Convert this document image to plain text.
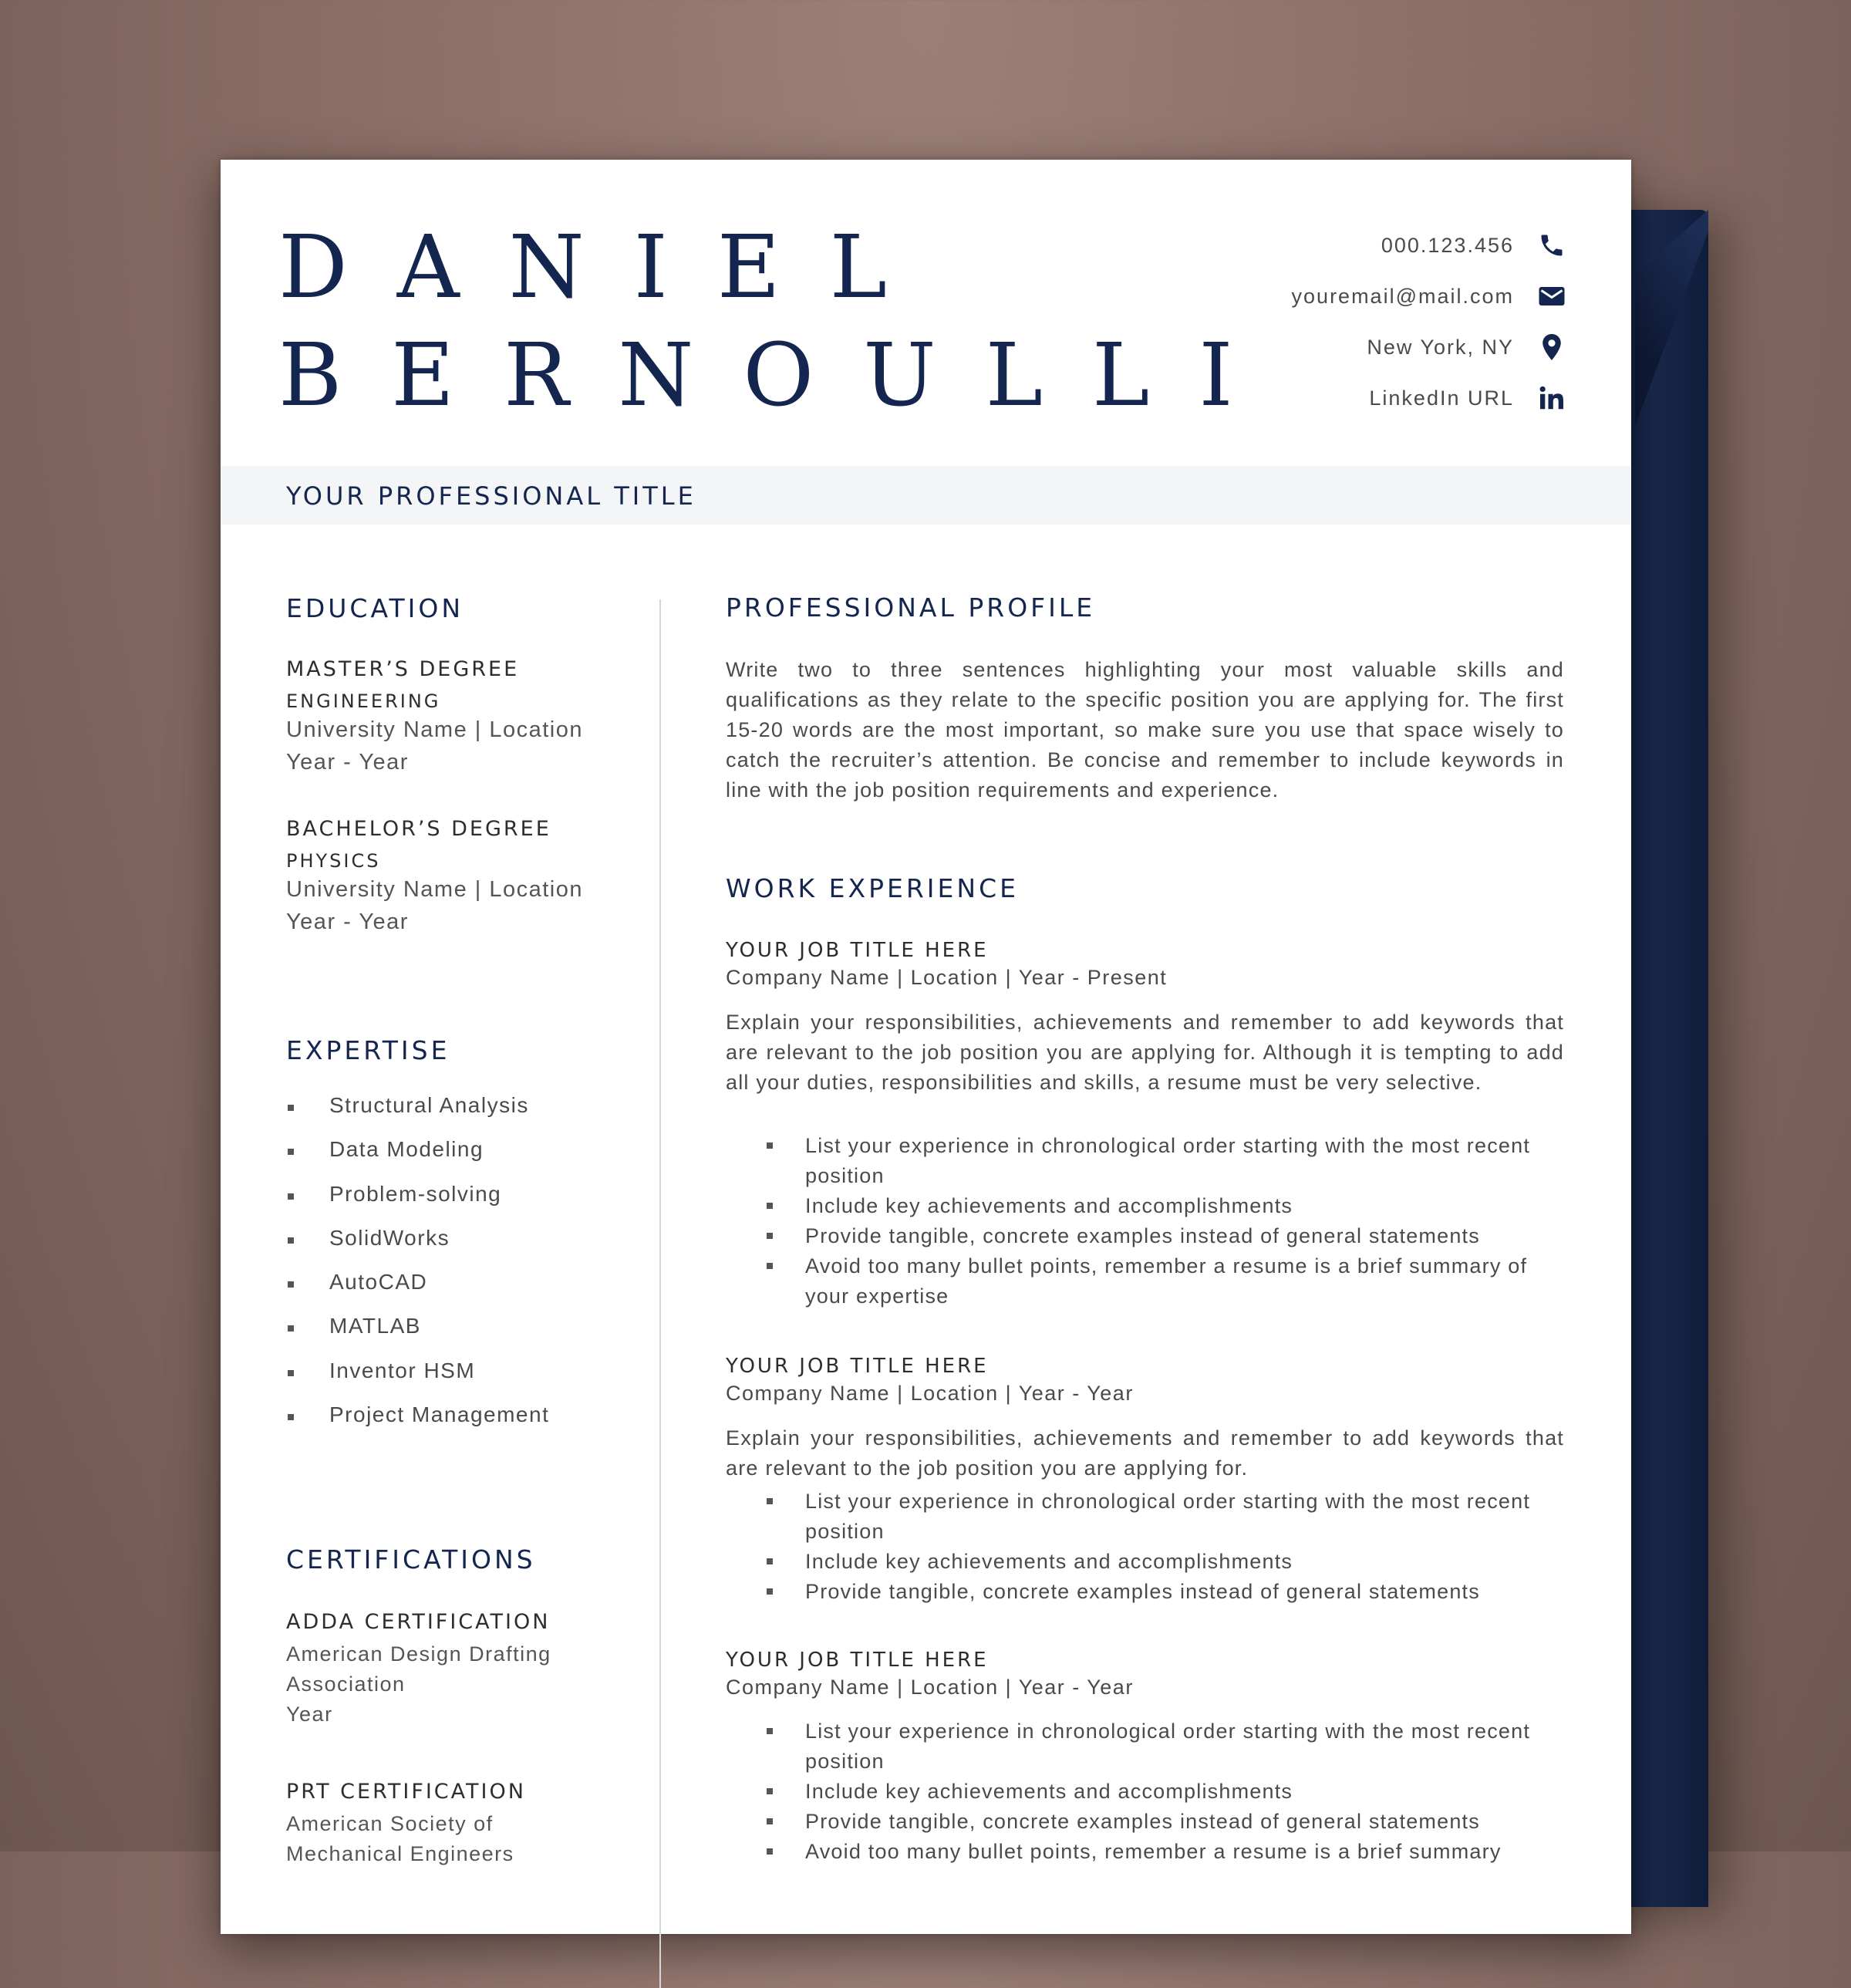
DANIEL
BERNOULLI
000.123.456
youremail@mail.com
New York, NY
LinkedIn URL
YOUR PROFESSIONAL TITLE
EDUCATION
MASTER’S DEGREE
ENGINEERING
University Name | Location
Year - Year
BACHELOR’S DEGREE
PHYSICS
University Name | Location
Year - Year
EXPERTISE
Structural Analysis
Data Modeling
Problem-solving
SolidWorks
AutoCAD
MATLAB
Inventor HSM
Project Management
CERTIFICATIONS
ADDA CERTIFICATION
American Design Drafting
Association
Year
PRT CERTIFICATION
American Society of
Mechanical Engineers
PROFESSIONAL PROFILE

Write two to three sentences highlighting your most valuable skills and qualifications as they relate to the specific position you are applying for. The first 15-20 words are the most important, so make sure you use that space wisely to catch the recruiter’s attention. Be concise and remember to include keywords in line with the job position requirements and experience.

WORK EXPERIENCE
YOUR JOB TITLE HERE
Company Name | Location | Year - Present

Explain your responsibilities, achievements and remember to add keywords that are relevant to the job position you are applying for. Although it is tempting to add all your duties, responsibilities and skills, a resume must be very selective.

List your experience in chronological order starting with the most recent position
Include key achievements and accomplishments
Provide tangible, concrete examples instead of general statements
Avoid too many bullet points, remember a resume is a brief summary of your expertise
YOUR JOB TITLE HERE
Company Name | Location | Year - Year

Explain your responsibilities, achievements and remember to add keywords that are relevant to the job position you are applying for.

List your experience in chronological order starting with the most recent position
Include key achievements and accomplishments
Provide tangible, concrete examples instead of general statements
YOUR JOB TITLE HERE
Company Name | Location | Year - Year
List your experience in chronological order starting with the most recent position
Include key achievements and accomplishments
Provide tangible, concrete examples instead of general statements
Avoid too many bullet points, remember a resume is a brief summary
